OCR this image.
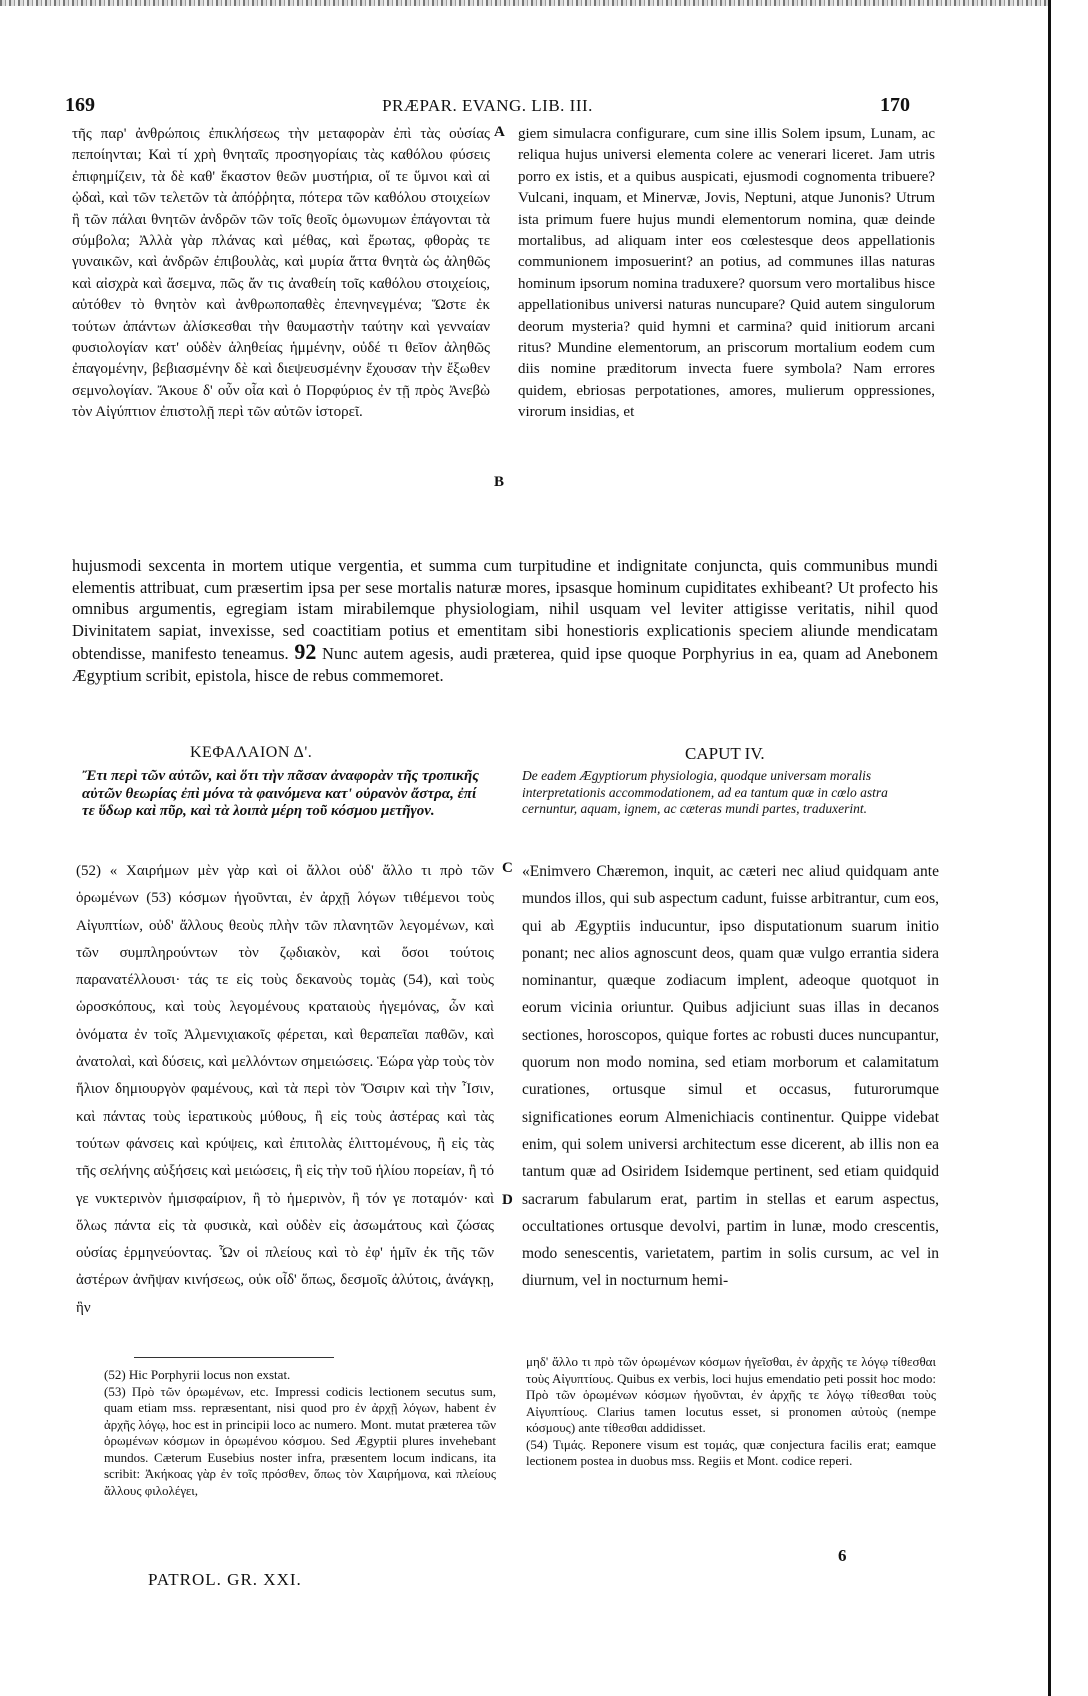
169	PRÆPAR. EVANG. LIB. III.	170

τῆς παρ' ἀνθρώποις ἐπικλήσεως τὴν μεταφορὰν ἐπὶ τὰς οὐσίας πεποίηνται; Καὶ τί χρὴ θνηταῖς προσηγορίαις τὰς καθόλου φύσεις ἐπιφημίζειν, τὰ δὲ καθ' ἕκαστον θεῶν μυστήρια, οἵ τε ὕμνοι καὶ αἱ ᾠδαὶ, καὶ τῶν τελετῶν τὰ ἀπόῤῥητα, πότερα τῶν καθόλου στοιχείων ἢ τῶν πάλαι θνητῶν ἀνδρῶν τῶν τοῖς θεοῖς ὁμωνυμων ἐπάγονται τὰ σύμβολα; Ἀλλὰ γὰρ πλάνας καὶ μέθας, καὶ ἔρωτας, φθορὰς τε γυναικῶν, καὶ ἀνδρῶν ἐπιβουλὰς, καὶ μυρία ἅττα θνητὰ ὡς ἀληθῶς καὶ αἰσχρὰ καὶ ἄσεμνα, πῶς ἄν τις ἀναθείη τοῖς καθόλου στοιχείοις, αὐτόθεν τὸ θνητὸν καὶ ἀνθρωποπαθὲς ἐπενηνεγμένα; Ὥστε ἐκ τούτων ἁπάντων ἀλίσκεσθαι τὴν θαυμαστὴν ταύτην καὶ γενναίαν φυσιολογίαν κατ' οὐδὲν ἀληθείας ἡμμένην, οὐδέ τι θεῖον ἀληθῶς ἐπαγομένην, βεβιασμένην δὲ καὶ διεψευσμένην ἔχουσαν τὴν ἔξωθεν σεμνολογίαν. Ἄκουε δ' οὖν οἷα καὶ ὁ Πορφύριος ἐν τῇ πρὸς Ἀνεβὼ τὸν Αἰγύπτιον ἐπιστολῇ περὶ τῶν αὐτῶν ἱστορεῖ.

A
B

giem simulacra configurare, cum sine illis Solem ipsum, Lunam, ac reliqua hujus universi elementa colere ac venerari liceret. Jam utris porro ex istis, et a quibus auspicati, ejusmodi cognomenta tribuere? Vulcani, inquam, et Minervæ, Jovis, Neptuni, atque Junonis? Utrum ista primum fuere hujus mundi elementorum nomina, quæ deinde mortalibus, ad aliquam inter eos cœlestesque deos appellationis communionem imposuerint? an potius, ad communes illas naturas hominum ipsorum nomina traduxere? quorsum vero mortalibus hisce appellationibus universi naturas nuncupare? Quid autem singulorum deorum mysteria? quid hymni et carmina? quid initiorum arcani ritus? Mundine elementorum, an priscorum mortalium eodem cum diis nomine præditorum invecta fuere symbola? Nam errores quidem, ebriosas perpotationes, amores, mulierum oppressiones, virorum insidias, et

hujusmodi sexcenta in mortem utique vergentia, et summa cum turpitudine et indignitate conjuncta, quis communibus mundi elementis attribuat, cum præsertim ipsa per sese mortalis naturæ mores, ipsasque hominum cupiditates exhibeant? Ut profecto his omnibus argumentis, egregiam istam mirabilemque physiologiam, nihil usquam vel leviter attigisse veritatis, nihil quod Divinitatem sapiat, invexisse, sed coactitiam potius et ementitam sibi honestioris explicationis speciem aliunde mendicatam obtendisse, manifesto teneamus. 92 Nunc autem agesis, audi præterea, quid ipse quoque Porphyrius in ea, quam ad Anebonem Ægyptium scribit, epistola, hisce de rebus commemoret.
ΚΕΦΑΛΑΙΟΝ Δ'.	CAPUT IV.
Ἔτι περὶ τῶν αὐτῶν, καὶ ὅτι τὴν πᾶσαν ἀναφορὰν τῆς τροπικῆς αὐτῶν θεωρίας ἐπὶ μόνα τὰ φαινόμενα κατ' οὐρανὸν ἄστρα, ἐπί τε ὕδωρ καὶ πῦρ, καὶ τὰ λοιπὰ μέρη τοῦ κόσμου μετῆγον.
De eadem Ægyptiorum physiologia, quodque universam moralis interpretationis accommodationem, ad ea tantum quæ in cœlo astra cernuntur, aquam, ignem, ac cæteras mundi partes, traduxerint.

(52) « Χαιρήμων μὲν γὰρ καὶ οἱ ἄλλοι οὐδ' ἄλλο τι πρὸ τῶν ὁρωμένων (53) κόσμων ἡγοῦνται, ἐν ἀρχῇ λόγων τιθέμενοι τοὺς Αἰγυπτίων, οὐδ' ἄλλους θεοὺς πλὴν τῶν πλανητῶν λεγομένων, καὶ τῶν συμπληρούντων τὸν ζῳδιακὸν, καὶ ὅσοι τούτοις παρανατέλλουσι· τάς τε εἰς τοὺς δεκανοὺς τομὰς (54), καὶ τοὺς ὡροσκόπους, καὶ τοὺς λεγομένους κραταιοὺς ἡγεμόνας, ὧν καὶ ὀνόματα ἐν τοῖς Ἀλμενιχιακοῖς φέρεται, καὶ θεραπεῖαι παθῶν, καὶ ἀνατολαὶ, καὶ δύσεις, καὶ μελλόντων σημειώσεις. Ἑώρα γὰρ τοὺς τὸν ἥλιον δημιουργὸν φαμένους, καὶ τὰ περὶ τὸν Ὄσιριν καὶ τὴν Ἶσιν, καὶ πάντας τοὺς ἱερατικοὺς μύθους, ἢ εἰς τοὺς ἀστέρας καὶ τὰς τούτων φάνσεις καὶ κρύψεις, καὶ ἐπιτολὰς ἑλιττομένους, ἢ εἰς τὰς τῆς σελήνης αὐξήσεις καὶ μειώσεις, ἢ εἰς τὴν τοῦ ἡλίου πορείαν, ἢ τό γε νυκτερινὸν ἡμισφαίριον, ἢ τὸ ἡμερινὸν, ἢ τόν γε ποταμόν· καὶ ὅλως πάντα εἰς τὰ φυσικὰ, καὶ οὐδὲν εἰς ἀσωμάτους καὶ ζώσας οὐσίας ἑρμηνεύοντας. Ὧν οἱ πλείους καὶ τὸ ἐφ' ἡμῖν ἐκ τῆς τῶν ἀστέρων ἀνῆψαν κινήσεως, οὐκ οἶδ' ὅπως, δεσμοῖς ἀλύτοις, ἀνάγκῃ, ἣν

C
D

«Enimvero Chæremon, inquit, ac cæteri nec aliud quidquam ante mundos illos, qui sub aspectum cadunt, fuisse arbitrantur, cum eos, qui ab Ægyptiis inducuntur, ipso disputationum suarum initio ponant; nec alios agnoscunt deos, quam quæ vulgo errantia sidera nominantur, quæque zodiacum implent, adeoque quotquot in eorum vicinia oriuntur. Quibus adjiciunt suas illas in decanos sectiones, horoscopos, quique fortes ac robusti duces nuncupantur, quorum non modo nomina, sed etiam morborum et calamitatum curationes, ortusque simul et occasus, futurorumque significationes eorum Almenichiacis continentur. Quippe videbat enim, qui solem universi architectum esse dicerent, ab illis non ea tantum quæ ad Osiridem Isidemque pertinent, sed etiam quidquid sacrarum fabularum erat, partim in stellas et earum aspectus, occultationes ortusque devolvi, partim in lunæ, modo crescentis, modo senescentis, varietatem, partim in solis cursum, ac vel in diurnum, vel in nocturnum hemi-

(52) Hic Porphyrii locus non exstat.

(53) Πρὸ τῶν ὁρωμένων, etc. Impressi codicis lectionem secutus sum, quam etiam mss. repræsentant, nisi quod pro ἐν ἀρχῇ λόγων, habent ἐν ἀρχῆς λόγῳ, hoc est in principii loco ac numero. Mont. mutat præterea τῶν ὁρωμένων κόσμων in ὁρωμένου κόσμου. Sed Ægyptii plures invehebant mundos. Cæterum Eusebius noster infra, præsentem locum indicans, ita scribit: Ἀκήκοας γὰρ ἐν τοῖς πρόσθεν, ὅπως τὸν Χαιρήμονα, καὶ πλείους ἄλλους φιλολέγει,

μηδ' ἄλλο τι πρὸ τῶν ὁρωμένων κόσμων ἡγεῖσθαι, ἐν ἀρχῆς τε λόγῳ τίθεσθαι τοὺς Αἰγυπτίους. Quibus ex verbis, loci hujus emendatio peti possit hoc modo: Πρὸ τῶν ὁρωμένων κόσμων ἡγοῦνται, ἐν ἀρχῆς τε λόγῳ τίθεσθαι τοὺς Αἰγυπτίους. Clarius tamen locutus esset, si pronomen αὐτοὺς (nempe κόσμους) ante τίθεσθαι addidisset.

(54) Τιμάς. Reponere visum est τομάς, quæ conjectura facilis erat; eamque lectionem postea in duobus mss. Regiis et Mont. codice reperi.

PATROL. GR. XXI.
6
